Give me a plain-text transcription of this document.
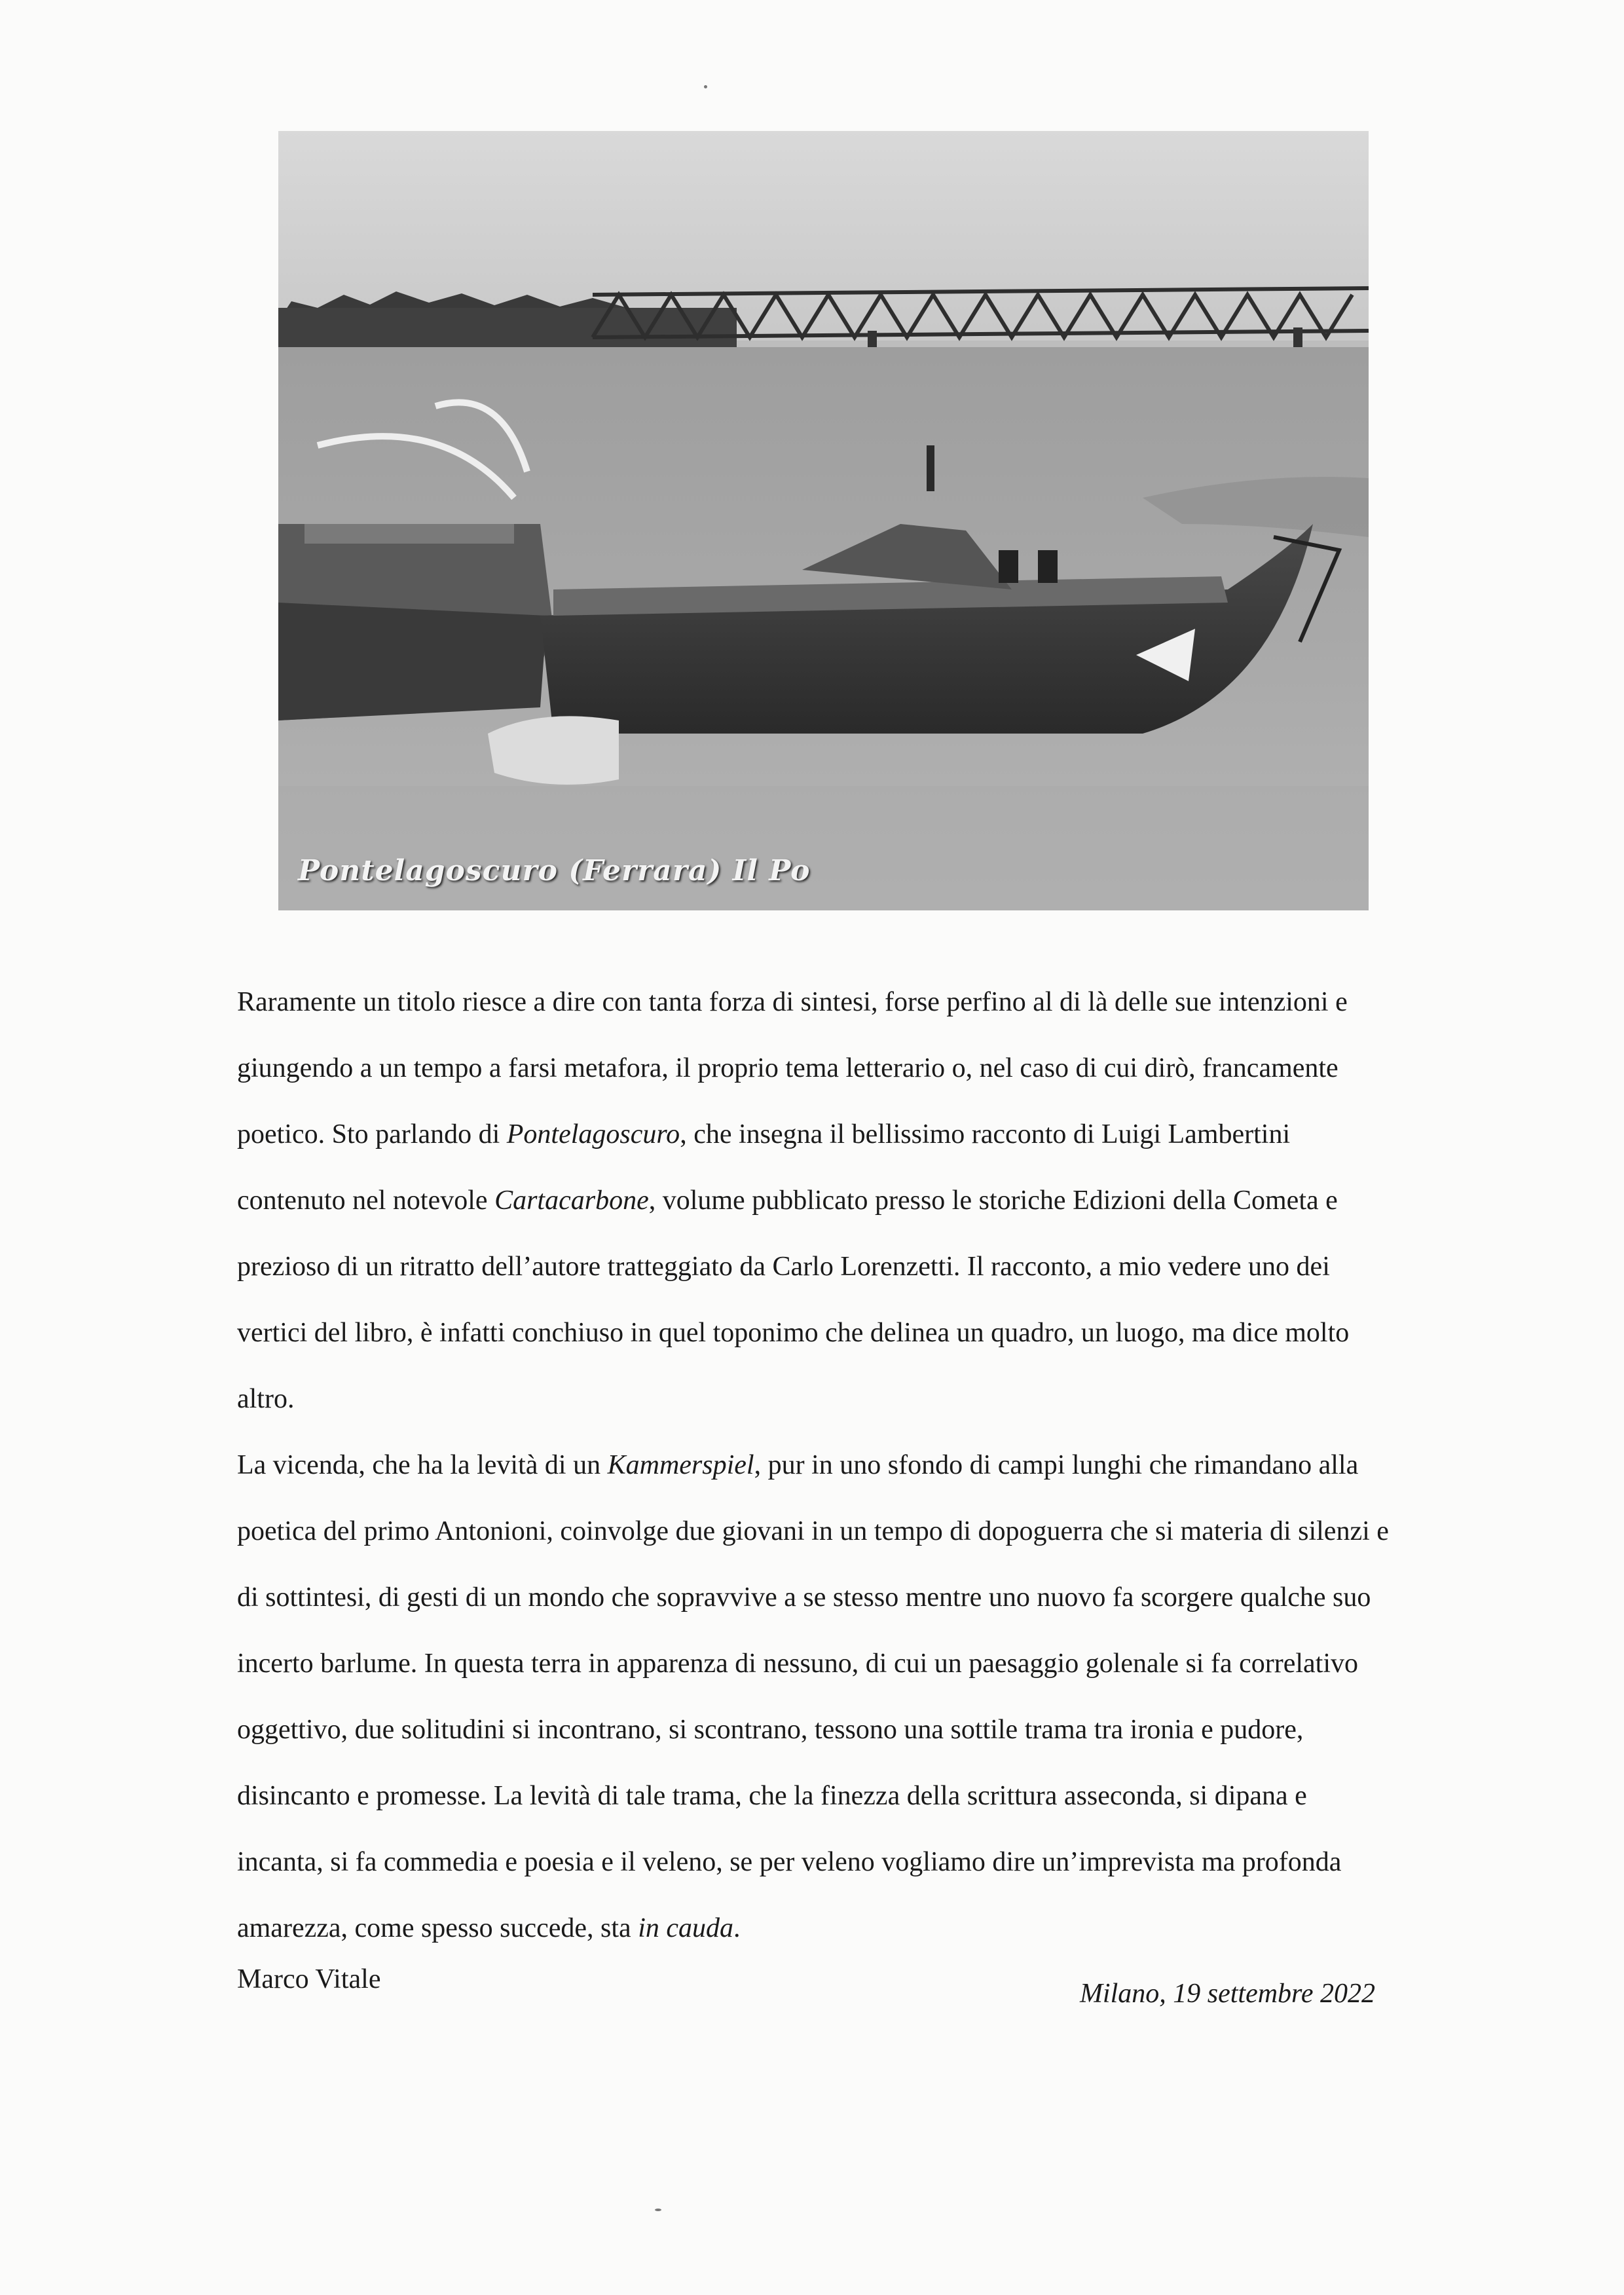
Pontelagoscuro (Ferrara) Il Po

Raramente un titolo riesce a dire con tanta forza di sintesi, forse perfino al di là delle sue intenzioni e giungendo a un tempo a farsi metafora, il proprio tema letterario o, nel caso di cui dirò, francamente poetico. Sto parlando di Pontelagoscuro, che insegna il bellissimo racconto di Luigi Lambertini contenuto nel notevole Cartacarbone, volume pubblicato presso le storiche Edizioni della Cometa e prezioso di un ritratto dell’autore tratteggiato da Carlo Lorenzetti. Il racconto, a mio vedere uno dei vertici del libro, è infatti conchiuso in quel toponimo che delinea un quadro, un luogo, ma dice molto altro.

La vicenda, che ha la levità di un Kammerspiel, pur in uno sfondo di campi lunghi che rimandano alla poetica del primo Antonioni, coinvolge due giovani in un tempo di dopoguerra che si materia di silenzi e di sottintesi, di gesti di un mondo che sopravvive a se stesso mentre uno nuovo fa scorgere qualche suo incerto barlume. In questa terra in apparenza di nessuno, di cui un paesaggio golenale si fa correlativo oggettivo, due solitudini si incontrano, si scontrano, tessono una sottile trama tra ironia e pudore, disincanto e promesse. La levità di tale trama, che la finezza della scrittura asseconda, si dipana e incanta, si fa commedia e poesia e il veleno, se per veleno vogliamo dire un’imprevista ma profonda amarezza, come spesso succede, sta in cauda.

Marco Vitale	Milano, 19 settembre 2022
